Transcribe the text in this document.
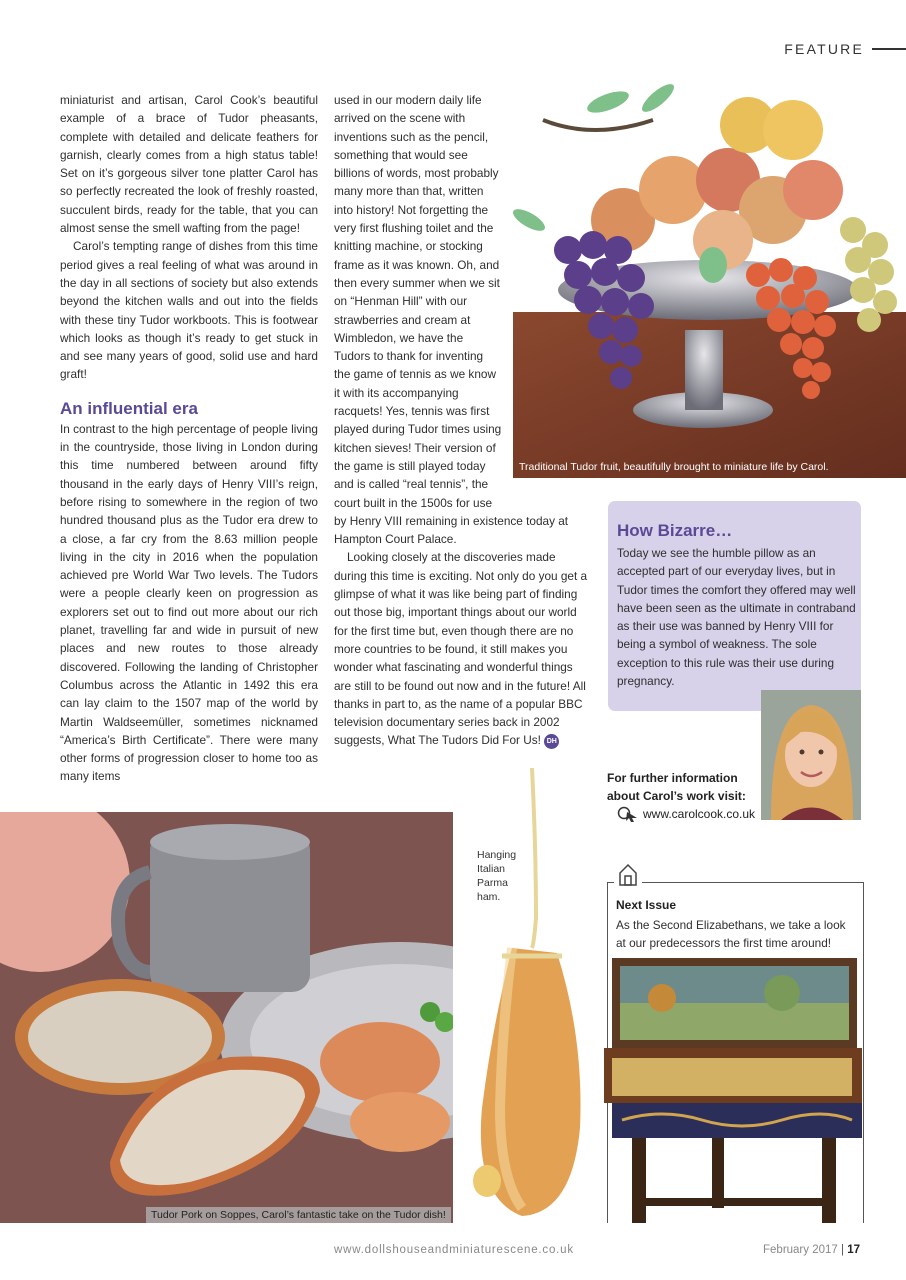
FEATURE

miniaturist and artisan, Carol Cook’s beautiful example of a brace of Tudor pheasants, complete with detailed and delicate feathers for garnish, clearly comes from a high status table! Set on it’s gorgeous silver tone platter Carol has so perfectly recreated the look of freshly roasted, succulent birds, ready for the table, that you can almost sense the smell wafting from the page!

Carol’s tempting range of dishes from this time period gives a real feeling of what was around in the day in all sections of society but also extends beyond the kitchen walls and out into the fields with these tiny Tudor workboots. This is footwear which looks as though it’s ready to get stuck in and see many years of good, solid use and hard graft!

An influential era

In contrast to the high percentage of people living in the countryside, those living in London during this time numbered between around fifty thousand in the early days of Henry VIII’s reign, before rising to somewhere in the region of two hundred thousand plus as the Tudor era drew to a close, a far cry from the 8.63 million people living in the city in 2016 when the population achieved pre World War Two levels. The Tudors were a people clearly keen on progression as explorers set out to find out more about our rich planet, travelling far and wide in pursuit of new places and new routes to those already discovered. Following the landing of Christopher Columbus across the Atlantic in 1492 this era can lay claim to the 1507 map of the world by Martin Waldseemüller, sometimes nicknamed “America’s Birth Certificate”. There were many other forms of progression closer to home too as many items

Traditional Tudor fruit, beautifully brought to miniature life by Carol.

used in our modern daily life arrived on the scene with inventions such as the pencil, something that would see billions of words, most probably many more than that, written into history! Not forgetting the very first flushing toilet and the knitting machine, or stocking frame as it was known. Oh, and then every summer when we sit on “Henman Hill” with our strawberries and cream at Wimbledon, we have the Tudors to thank for inventing the game of tennis as we know it with its accompanying racquets! Yes, tennis was first played during Tudor times using kitchen sieves! Their version of the game is still played today and is called “real tennis”, the court built in the 1500s for use by Henry VIII remaining in existence today at Hampton Court Palace.

Looking closely at the discoveries made during this time is exciting. Not only do you get a glimpse of what it was like being part of finding out those big, important things about our world for the first time but, even though there are no more countries to be found, it still makes you wonder what fascinating and wonderful things are still to be found out now and in the future! All thanks in part to, as the name of a popular BBC television documentary series back in 2002 suggests, What The Tudors Did For Us! DH

How Bizarre…
Today we see the humble pillow as an accepted part of our everyday lives, but in Tudor times the comfort they offered may well have been seen as the ultimate in contraband as their use was banned by Henry VIII for being a symbol of weakness. The sole exception to this rule was their use during pregnancy.
For further information
about Carol’s work visit:
www.carolcook.co.uk
Hanging Italian Parma ham.
Tudor Pork on Soppes, Carol’s fantastic take on the Tudor dish!
Next Issue
As the Second Elizabethans, we take a look at our predecessors the first time around!
www.dollshouseandminiaturescene.co.uk	February 2017 | 17
